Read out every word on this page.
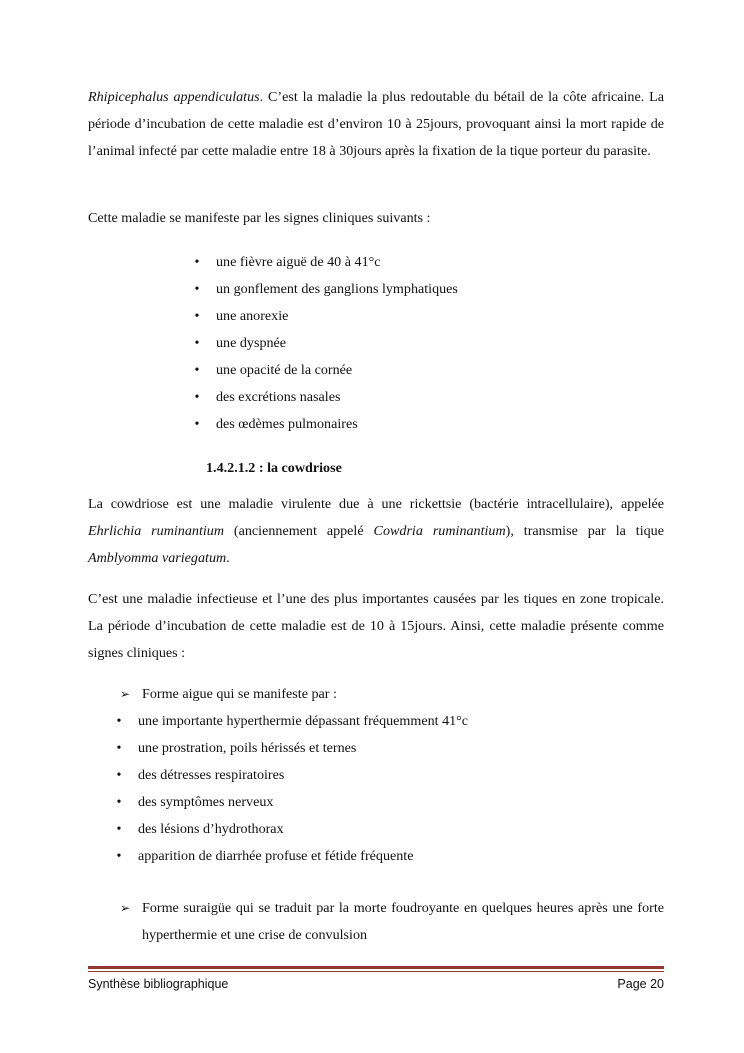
Rhipicephalus appendiculatus. C’est la maladie la plus redoutable du bétail de la côte africaine. La période d’incubation de cette maladie est d’environ 10 à 25jours, provoquant ainsi la mort rapide de l’animal infecté par cette maladie entre 18 à 30jours après la fixation de la tique porteur du parasite.

Cette maladie se manifeste par les signes cliniques suivants :

• une fièvre aiguë de 40 à 41°c
• un gonflement des ganglions lymphatiques
• une anorexie
• une dyspnée
• une opacité de la cornée
• des excrétions nasales
• des œdèmes pulmonaires
1.4.2.1.2 : la cowdriose

La cowdriose est une maladie virulente due à une rickettsie (bactérie intracellulaire), appelée Ehrlichia ruminantium (anciennement appelé Cowdria ruminantium), transmise par la tique Amblyomma variegatum.

C’est une maladie infectieuse et l’une des plus importantes causées par les tiques en zone tropicale. La période d’incubation de cette maladie est de 10 à 15jours. Ainsi, cette maladie présente comme signes cliniques :

➢ Forme aigue qui se manifeste par :
• une importante hyperthermie dépassant fréquemment 41°c
• une prostration, poils hérissés et ternes
• des détresses respiratoires
• des symptômes nerveux
• des lésions d’hydrothorax
• apparition de diarrhée profuse et fétide fréquente
➢ Forme suraigüe qui se traduit par la morte foudroyante en quelques heures après une forte hyperthermie et une crise de convulsion
Synthèse bibliographique	Page 20
